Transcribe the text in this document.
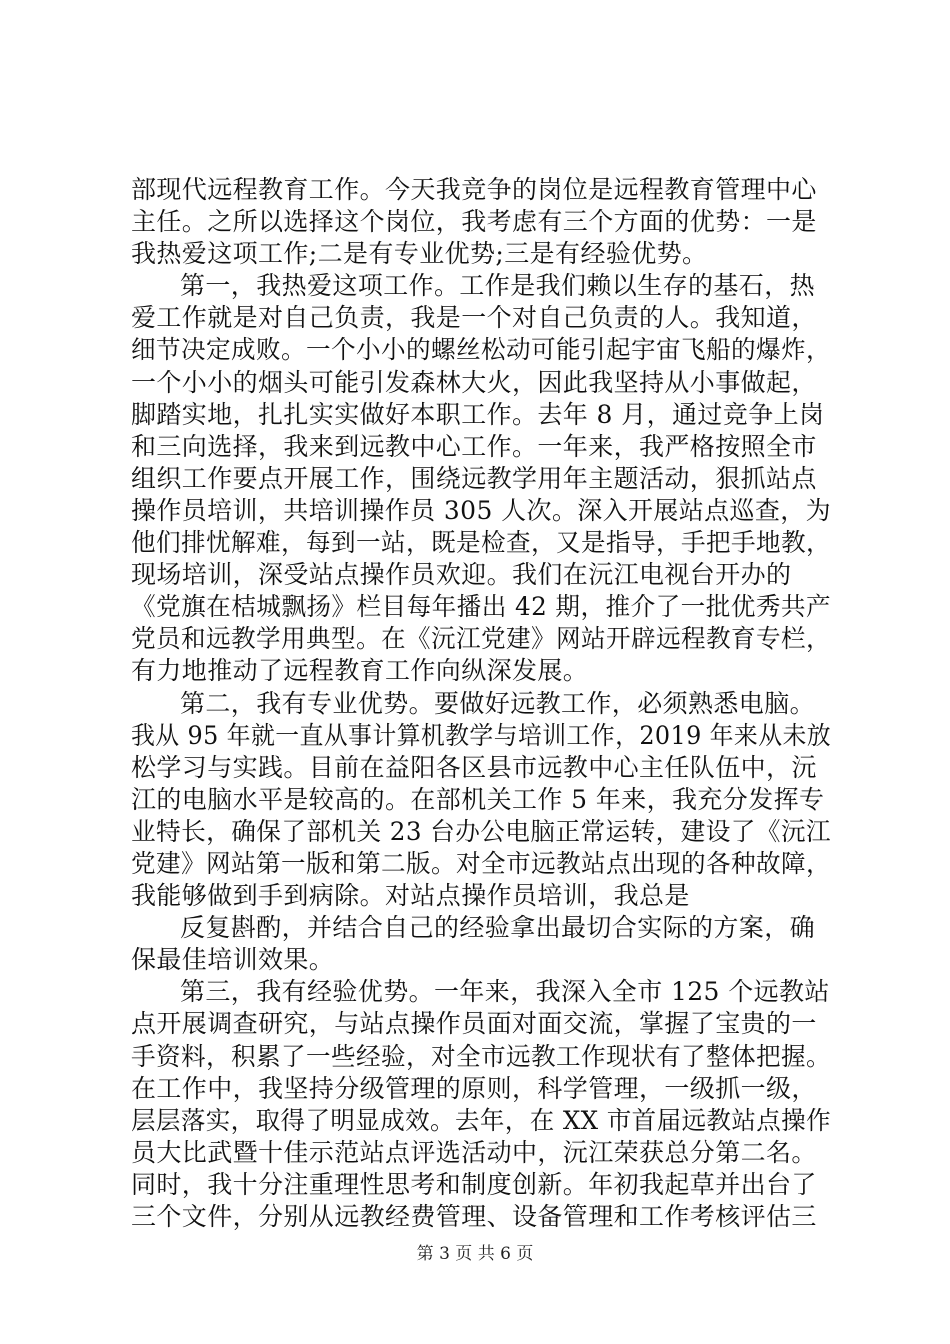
部现代远程教育工作。今天我竞争的岗位是远程教育管理中心
主任。之所以选择这个岗位，我考虑有三个方面的优势：一是
我热爱这项工作;二是有专业优势;三是有经验优势。
第一，我热爱这项工作。工作是我们赖以生存的基石，热
爱工作就是对自己负责，我是一个对自己负责的人。我知道，
细节决定成败。一个小小的螺丝松动可能引起宇宙飞船的爆炸，
一个小小的烟头可能引发森林大火，因此我坚持从小事做起，
脚踏实地，扎扎实实做好本职工作。去年 8 月，通过竞争上岗
和三向选择，我来到远教中心工作。一年来，我严格按照全市
组织工作要点开展工作，围绕远教学用年主题活动，狠抓站点
操作员培训，共培训操作员 305 人次。深入开展站点巡查，为
他们排忧解难，每到一站，既是检查，又是指导，手把手地教，
现场培训，深受站点操作员欢迎。我们在沅江电视台开办的
《党旗在桔城飘扬》栏目每年播出 42 期，推介了一批优秀共产
党员和远教学用典型。在《沅江党建》网站开辟远程教育专栏，
有力地推动了远程教育工作向纵深发展。
第二，我有专业优势。要做好远教工作，必须熟悉电脑。
我从 95 年就一直从事计算机教学与培训工作，2019 年来从未放
松学习与实践。目前在益阳各区县市远教中心主任队伍中，沅
江的电脑水平是较高的。在部机关工作 5 年来，我充分发挥专
业特长，确保了部机关 23 台办公电脑正常运转，建设了《沅江
党建》网站第一版和第二版。对全市远教站点出现的各种故障，
我能够做到手到病除。对站点操作员培训，我总是
反复斟酌，并结合自己的经验拿出最切合实际的方案，确
保最佳培训效果。
第三，我有经验优势。一年来，我深入全市 125 个远教站
点开展调查研究，与站点操作员面对面交流，掌握了宝贵的一
手资料，积累了一些经验，对全市远教工作现状有了整体把握。
在工作中，我坚持分级管理的原则，科学管理，一级抓一级，
层层落实，取得了明显成效。去年，在 XX 市首届远教站点操作
员大比武暨十佳示范站点评选活动中，沅江荣获总分第二名。
同时，我十分注重理性思考和制度创新。年初我起草并出台了
三个文件，分别从远教经费管理、设备管理和工作考核评估三
第 3 页 共 6 页
